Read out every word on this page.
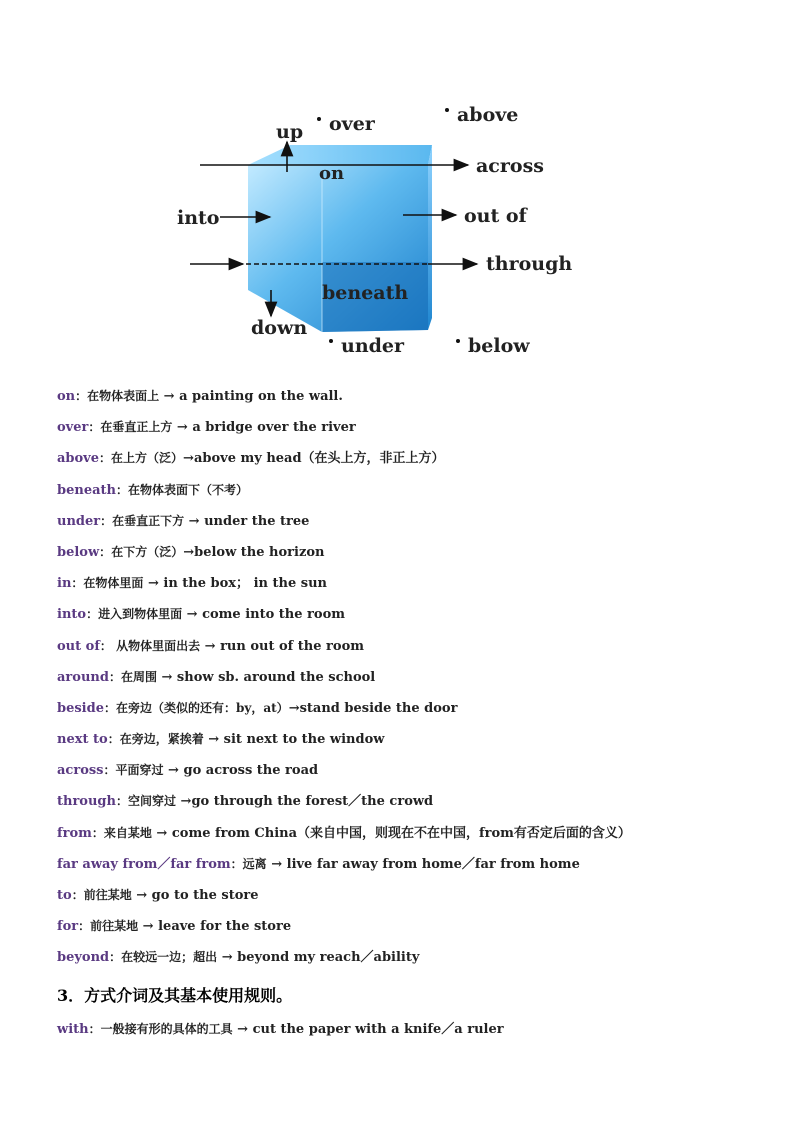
up over	above
on	across
into	out of
through
beneath
down
under	below
on：在物体表面上 → a painting on the wall.
over：在垂直正上方 → a bridge over the river
above：在上方（泛）→above my head（在头上方，非正上方）
beneath：在物体表面下（不考）
under：在垂直正下方 → under the tree
below：在下方（泛）→below the horizon
in：在物体里面 → in the box； in the sun
into：进入到物体里面 → come into the room
out of： 从物体里面出去 → run out of the room
around：在周围 → show sb. around the school
beside：在旁边（类似的还有：by，at）→stand beside the door
next to：在旁边，紧挨着 → sit next to the window
across：平面穿过 → go across the road
through：空间穿过 →go through the forest／the crowd
from：来自某地 → come from China（来自中国，则现在不在中国，from有否定后面的含义）
far away from／far from：远离 → live far away from home／far from home
to：前往某地 → go to the store
for：前往某地 → leave for the store
beyond：在较远一边；超出 → beyond my reach／ability
3．方式介词及其基本使用规则。
with：一般接有形的具体的工具 → cut the paper with a knife／a ruler
